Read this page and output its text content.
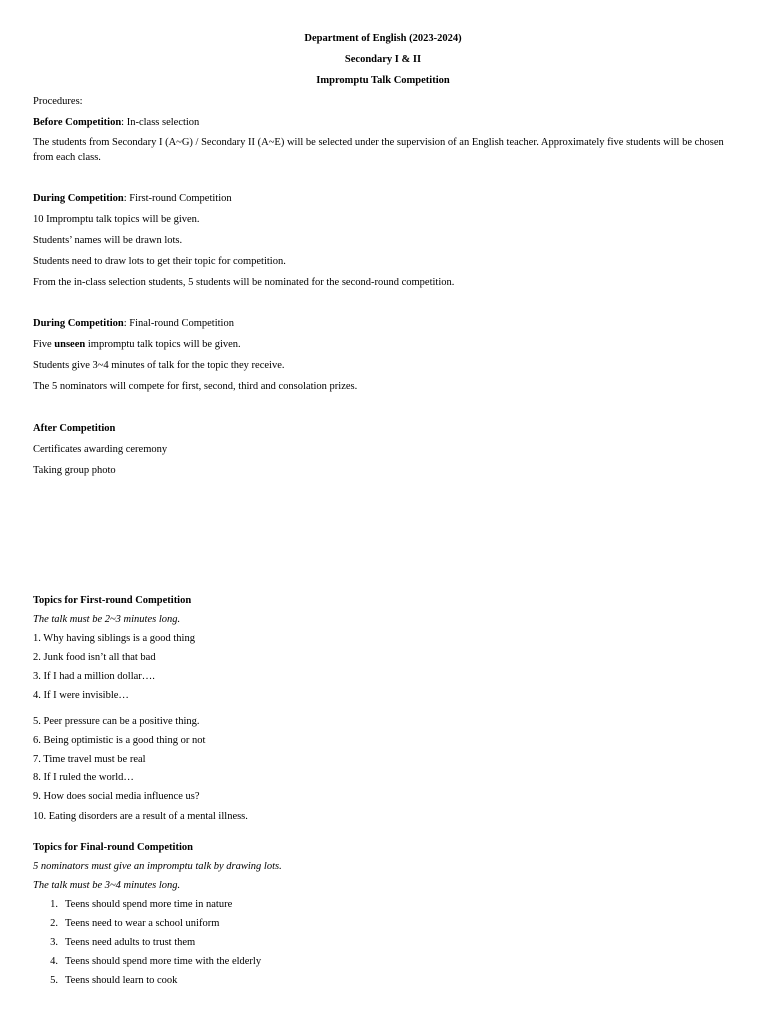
Department of English (2023-2024)
Secondary I & II
Impromptu Talk Competition
Procedures:
Before Competition: In-class selection
The students from Secondary I (A~G) / Secondary II (A~E) will be selected under the supervision of an English teacher. Approximately five students will be chosen from each class.
During Competition: First-round Competition
10 Impromptu talk topics will be given.
Students’ names will be drawn lots.
Students need to draw lots to get their topic for competition.
From the in-class selection students, 5 students will be nominated for the second-round competition.
During Competition: Final-round Competition
Five unseen impromptu talk topics will be given.
Students give 3~4 minutes of talk for the topic they receive.
The 5 nominators will compete for first, second, third and consolation prizes.
After Competition
Certificates awarding ceremony
Taking group photo
Topics for First-round Competition
The talk must be 2~3 minutes long.
1. Why having siblings is a good thing
2. Junk food isn’t all that bad
3. If I had a million dollar….
4. If I were invisible…
5. Peer pressure can be a positive thing.
6. Being optimistic is a good thing or not
7. Time travel must be real
8. If I ruled the world…
9. How does social media influence us?
10. Eating disorders are a result of a mental illness.
Topics for Final-round Competition
5 nominators must give an impromptu talk by drawing lots.
The talk must be 3~4 minutes long.
1. Teens should spend more time in nature
2. Teens need to wear a school uniform
3. Teens need adults to trust them
4. Teens should spend more time with the elderly
5. Teens should learn to cook
